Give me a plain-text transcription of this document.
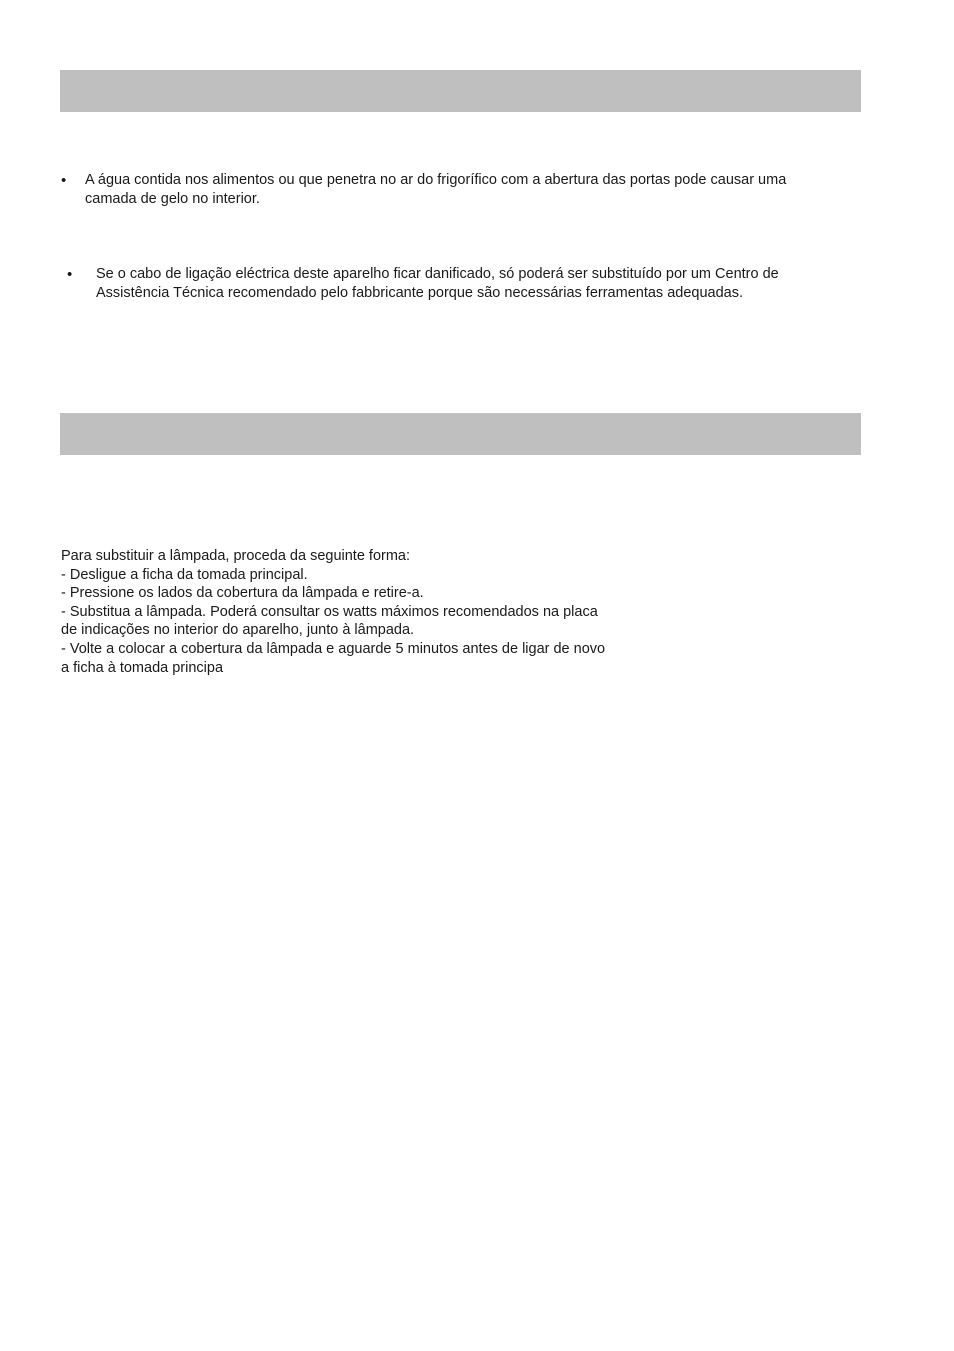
•	A água contida nos alimentos ou que penetra no ar do frigorífico com a abertura das portas pode causar uma
camada de gelo no interior.
•	Se o cabo de ligação eléctrica deste aparelho ficar danificado, só poderá ser substituído por um Centro de
Assistência Técnica recomendado pelo fabbricante porque são necessárias ferramentas adequadas.
Para substituir a lâmpada, proceda da seguinte forma:
- Desligue a ficha da tomada principal.
- Pressione os lados da cobertura da lâmpada e retire-a.
- Substitua a lâmpada. Poderá consultar os watts máximos recomendados na placa
de indicações no interior do aparelho, junto à lâmpada.
- Volte a colocar a cobertura da lâmpada e aguarde 5 minutos antes de ligar de novo
a ficha à tomada principa
